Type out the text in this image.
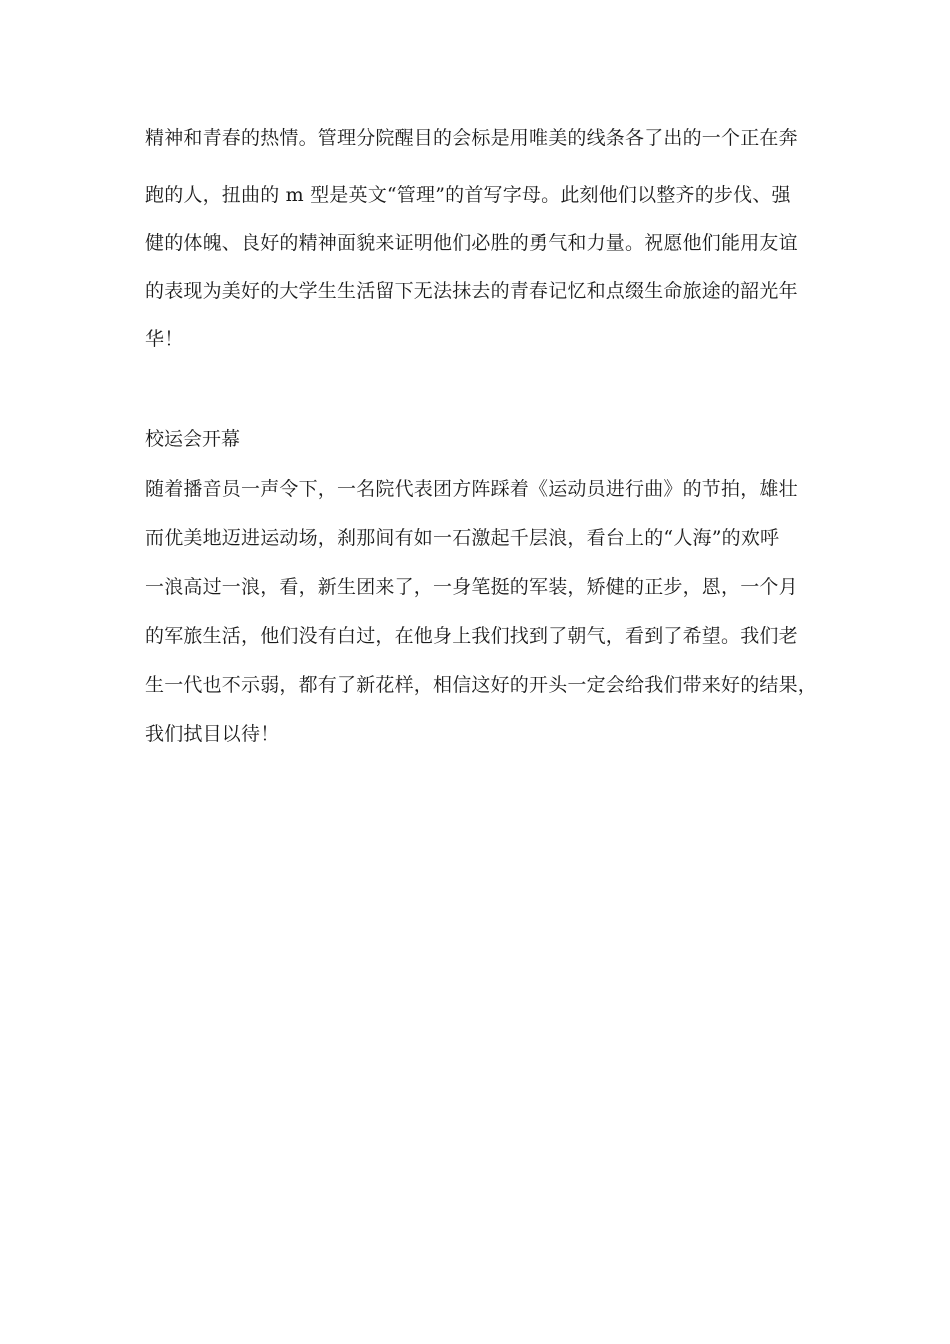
精神和青春的热情。管理分院醒目的会标是用唯美的线条各了出的一个正在奔
跑的人，扭曲的 m 型是英文“管理”的首写字母。此刻他们以整齐的步伐、强
健的体魄、良好的精神面貌来证明他们必胜的勇气和力量。祝愿他们能用友谊
的表现为美好的大学生生活留下无法抹去的青春记忆和点缀生命旅途的韶光年
华！
校运会开幕
随着播音员一声令下，一名院代表团方阵踩着《运动员进行曲》的节拍，雄壮
而优美地迈进运动场，刹那间有如一石激起千层浪，看台上的“人海”的欢呼
一浪高过一浪，看，新生团来了，一身笔挺的军装，矫健的正步，恩，一个月
的军旅生活，他们没有白过，在他身上我们找到了朝气，看到了希望。我们老
生一代也不示弱，都有了新花样，相信这好的开头一定会给我们带来好的结果，
我们拭目以待！
